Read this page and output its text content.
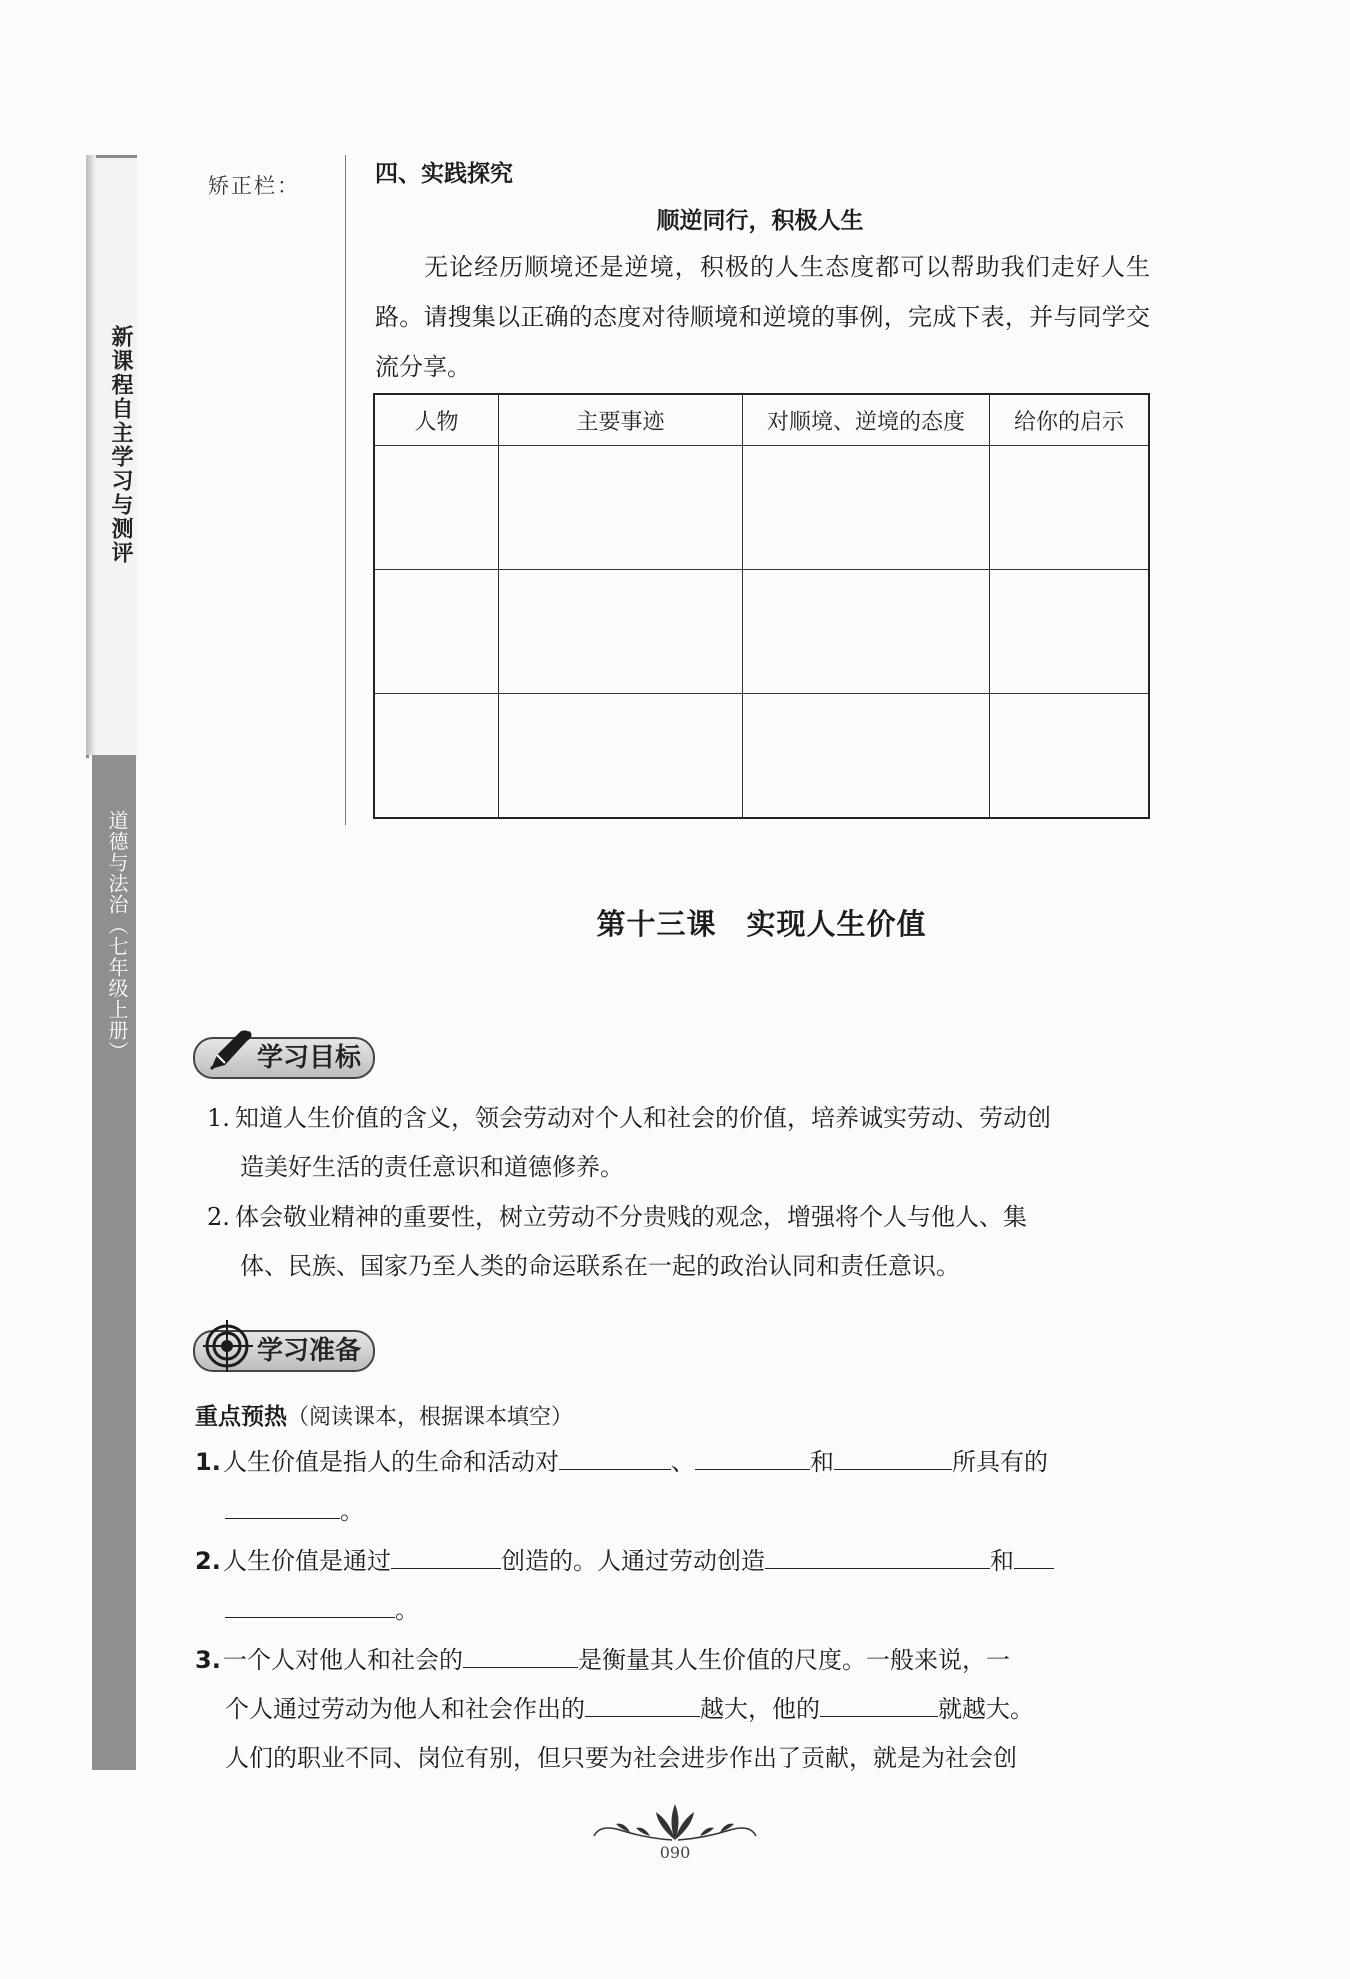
新课程自主学习与测评
道德与法治（七年级上册）
矫正栏：	四、实践探究
顺逆同行，积极人生
无论经历顺境还是逆境，积极的人生态度都可以帮助我们走好人生路。请搜集以正确的态度对待顺境和逆境的事例，完成下表，并与同学交流分享。
人物	主要事迹	对顺境、逆境的态度	给你的启示

第十三课　实现人生价值
学习目标
1. 知道人生价值的含义，领会劳动对个人和社会的价值，培养诚实劳动、劳动创
造美好生活的责任意识和道德修养。
2. 体会敬业精神的重要性，树立劳动不分贵贱的观念，增强将个人与他人、集
体、民族、国家乃至人类的命运联系在一起的政治认同和责任意识。
学习准备
重点预热（阅读课本，根据课本填空）
1.人生价值是指人的生命和活动对	、	和	所具有的
。
2.人生价值是通过	创造的。人通过劳动创造	和
。
3.一个人对他人和社会的	是衡量其人生价值的尺度。一般来说，一
个人通过劳动为他人和社会作出的	越大，他的	就越大。
人们的职业不同、岗位有别，但只要为社会进步作出了贡献，就是为社会创
090
